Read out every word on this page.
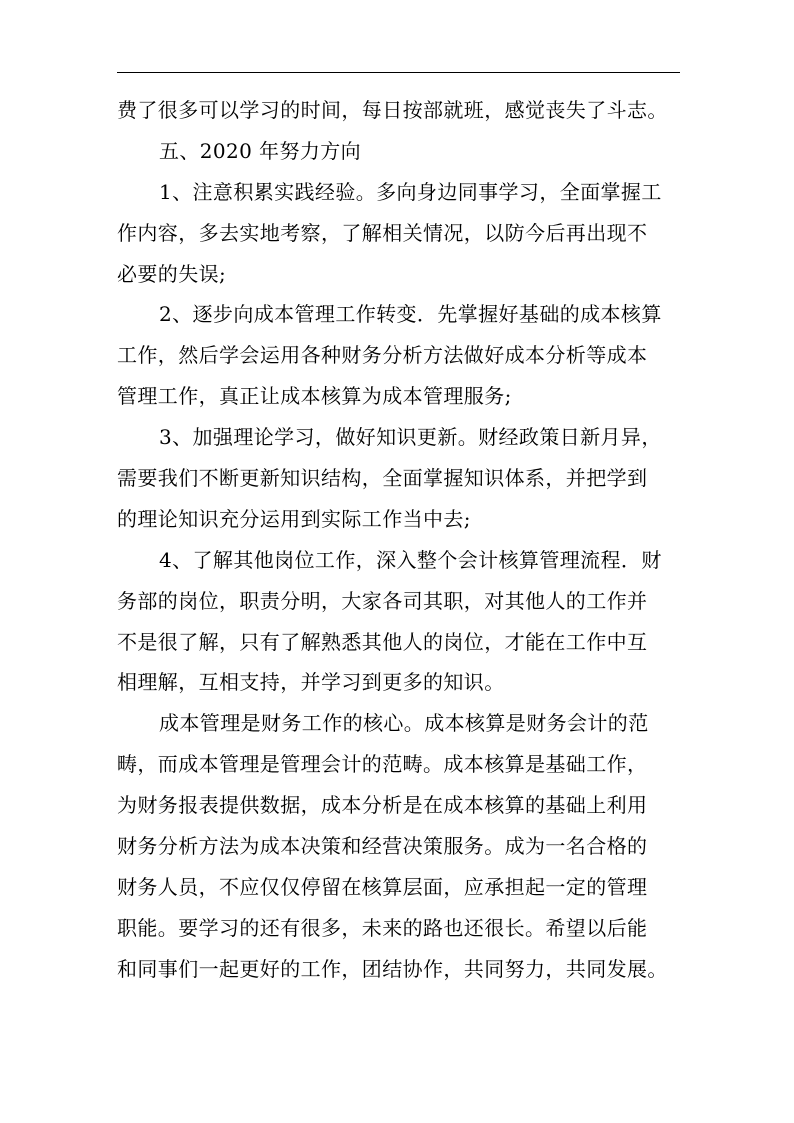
费了很多可以学习的时间，每日按部就班，感觉丧失了斗志。
五、2020 年努力方向
1、注意积累实践经验。多向身边同事学习，全面掌握工
作内容，多去实地考察，了解相关情况，以防今后再出现不
必要的失误;
2、逐步向成本管理工作转变．先掌握好基础的成本核算
工作，然后学会运用各种财务分析方法做好成本分析等成本
管理工作，真正让成本核算为成本管理服务;
3、加强理论学习，做好知识更新。财经政策日新月异，
需要我们不断更新知识结构，全面掌握知识体系，并把学到
的理论知识充分运用到实际工作当中去;
4、了解其他岗位工作，深入整个会计核算管理流程．财
务部的岗位，职责分明，大家各司其职，对其他人的工作并
不是很了解，只有了解熟悉其他人的岗位，才能在工作中互
相理解，互相支持，并学习到更多的知识。
成本管理是财务工作的核心。成本核算是财务会计的范
畴，而成本管理是管理会计的范畴。成本核算是基础工作，
为财务报表提供数据，成本分析是在成本核算的基础上利用
财务分析方法为成本决策和经营决策服务。成为一名合格的
财务人员，不应仅仅停留在核算层面，应承担起一定的管理
职能。要学习的还有很多，未来的路也还很长。希望以后能
和同事们一起更好的工作，团结协作，共同努力，共同发展。
